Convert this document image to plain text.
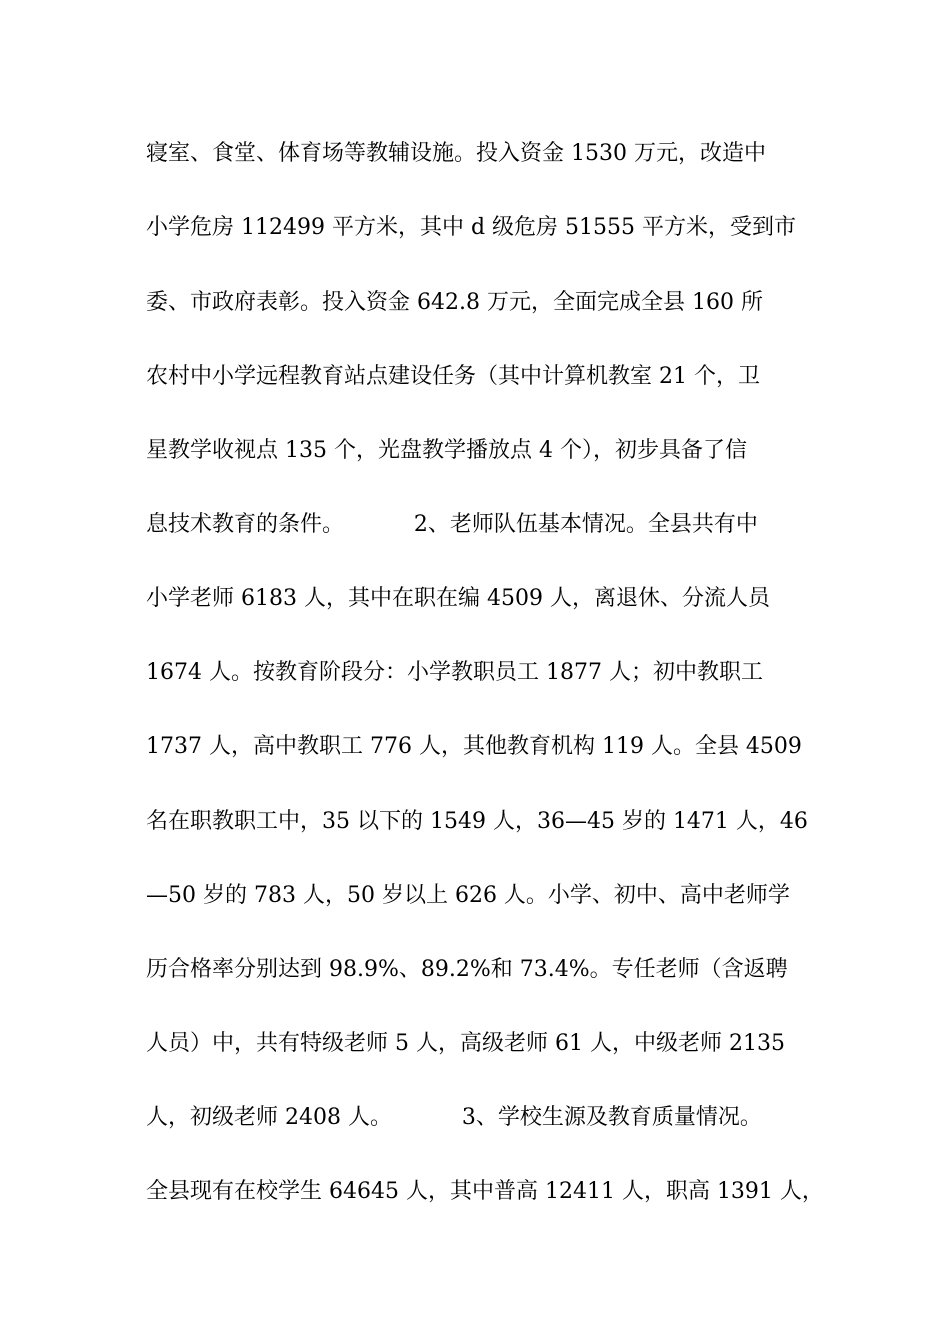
寝室、食堂、体育场等教辅设施。投入资金 1530 万元，改造中
小学危房 112499 平方米，其中 d 级危房 51555 平方米，受到市
委、市政府表彰。投入资金 642.8 万元，全面完成全县 160 所
农村中小学远程教育站点建设任务（其中计算机教室 21 个，卫
星教学收视点 135 个，光盘教学播放点 4 个），初步具备了信
息技术教育的条件。          2、老师队伍基本情况。全县共有中
小学老师 6183 人，其中在职在编 4509 人，离退休、分流人员
1674 人。按教育阶段分：小学教职员工 1877 人；初中教职工
1737 人，高中教职工 776 人，其他教育机构 119 人。全县 4509
名在职教职工中，35 以下的 1549 人，36—45 岁的 1471 人，46
—50 岁的 783 人，50 岁以上 626 人。小学、初中、高中老师学
历合格率分别达到 98.9%、89.2%和 73.4%。专任老师（含返聘
人员）中，共有特级老师 5 人，高级老师 61 人，中级老师 2135
人，初级老师 2408 人。          3、学校生源及教育质量情况。
全县现有在校学生 64645 人，其中普高 12411 人，职高 1391 人，
